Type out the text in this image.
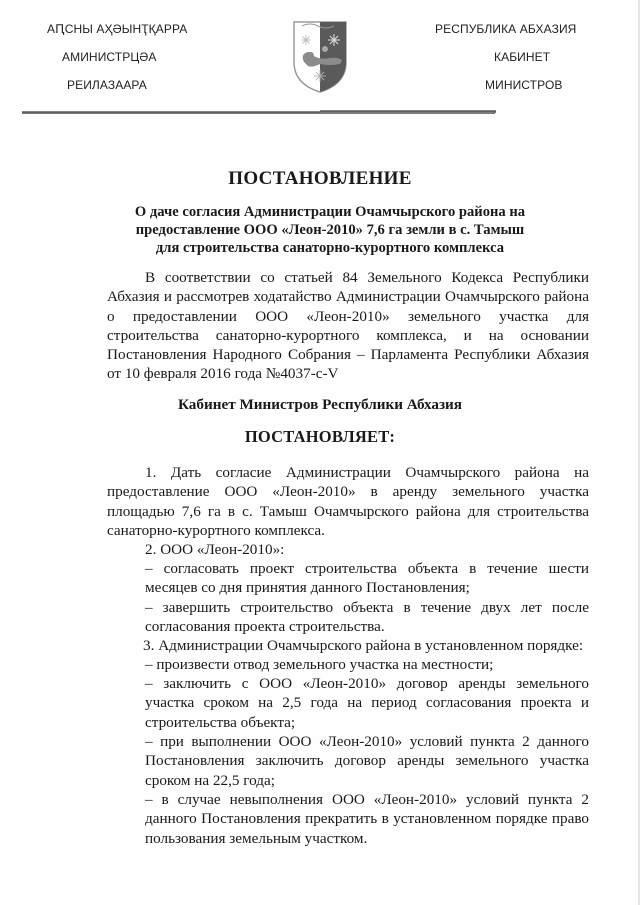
АԤСНЫ АҲӘЫНҬҚАРРА
АМИНИСТРЦӘА
РЕИЛАЗААРА
РЕСПУБЛИКА АБХАЗИЯ
КАБИНЕТ
МИНИСТРОВ
ПОСТАНОВЛЕНИЕ
О даче согласия Администрации Очамчырского района на
предоставление ООО «Леон-2010» 7,6 га земли в с. Тамыш
для строительства санаторно-курортного комплекса
В соответствии со статьей 84 Земельного Кодекса Республики Абхазия и рассмотрев ходатайство Администрации Очамчырского района о предоставлении ООО «Леон-2010» земельного участка для строительства санаторно-курортного комплекса, и на основании Постановления Народного Собрания – Парламента Республики Абхазия от 10 февраля 2016 года №4037-с-V
Кабинет Министров Республики Абхазия
ПОСТАНОВЛЯЕТ:
1. Дать согласие Администрации Очамчырского района на предоставление ООО «Леон-2010» в аренду земельного участка площадью 7,6 га в с. Тамыш Очамчырского района для строительства санаторно-курортного комплекса.
2. ООО «Леон-2010»:
– согласовать проект строительства объекта в течение шести месяцев со дня принятия данного Постановления;
– завершить строительство объекта в течение двух лет после согласования проекта строительства.
3. Администрации Очамчырского района в установленном порядке:
– произвести отвод земельного участка на местности;
– заключить с ООО «Леон-2010» договор аренды земельного участка сроком на 2,5 года на период согласования проекта и строительства объекта;
– при выполнении ООО «Леон-2010» условий пункта 2 данного Постановления заключить договор аренды земельного участка сроком на 22,5 года;
– в случае невыполнения ООО «Леон-2010» условий пункта 2 данного Постановления прекратить в установленном порядке право пользования земельным участком.
